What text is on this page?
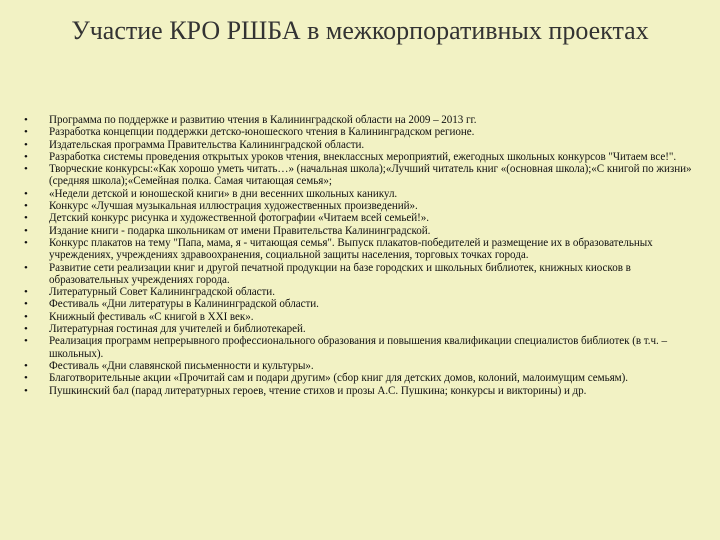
Участие КРО РШБА в межкорпоративных проектах
•	Программа по поддержке и развитию чтения в Калининградской области на 2009 – 2013 гг.
•	Разработка концепции поддержки детско-юношеского чтения в Калининградском регионе.
•	Издательская программа Правительства Калининградской области.
•	Разработка системы проведения открытых уроков чтения, внеклассных мероприятий, ежегодных школьных конкурсов "Читаем все!".
•	Творческие конкурсы:«Как хорошо уметь читать…» (начальная школа);«Лучший читатель книг «(основная школа);«С книгой по жизни» (средняя школа);«Семейная полка. Самая читающая семья»;
•	«Недели детской и юношеской книги» в дни весенних школьных каникул.
•	Конкурс «Лучшая музыкальная иллюстрация художественных произведений».
•	Детский конкурс рисунка и художественной фотографии «Читаем всей семьей!».
•	Издание книги - подарка школьникам от имени Правительства Калининградской.
•	Конкурс плакатов на тему "Папа, мама, я - читающая семья". Выпуск плакатов-победителей и размещение их в образовательных учреждениях, учреждениях здравоохранения, социальной защиты населения, торговых точках города.
•	Развитие сети реализации книг и другой печатной продукции на базе городских и школьных библиотек, книжных киосков в образовательных учреждениях города.
•	Литературный Совет Калининградской области.
•	Фестиваль «Дни литературы в Калининградской области.
•	Книжный фестиваль «С книгой в XXI век».
•	Литературная гостиная для учителей и библиотекарей.
•	Реализация программ непрерывного профессионального образования и повышения квалификации специалистов библиотек (в т.ч. – школьных).
•	Фестиваль «Дни славянской письменности и культуры».
•	Благотворительные акции «Прочитай сам и подари другим» (сбор книг для детских домов, колоний, малоимущим семьям).
•	Пушкинский бал (парад литературных героев, чтение стихов и прозы А.С. Пушкина; конкурсы и викторины) и др.
